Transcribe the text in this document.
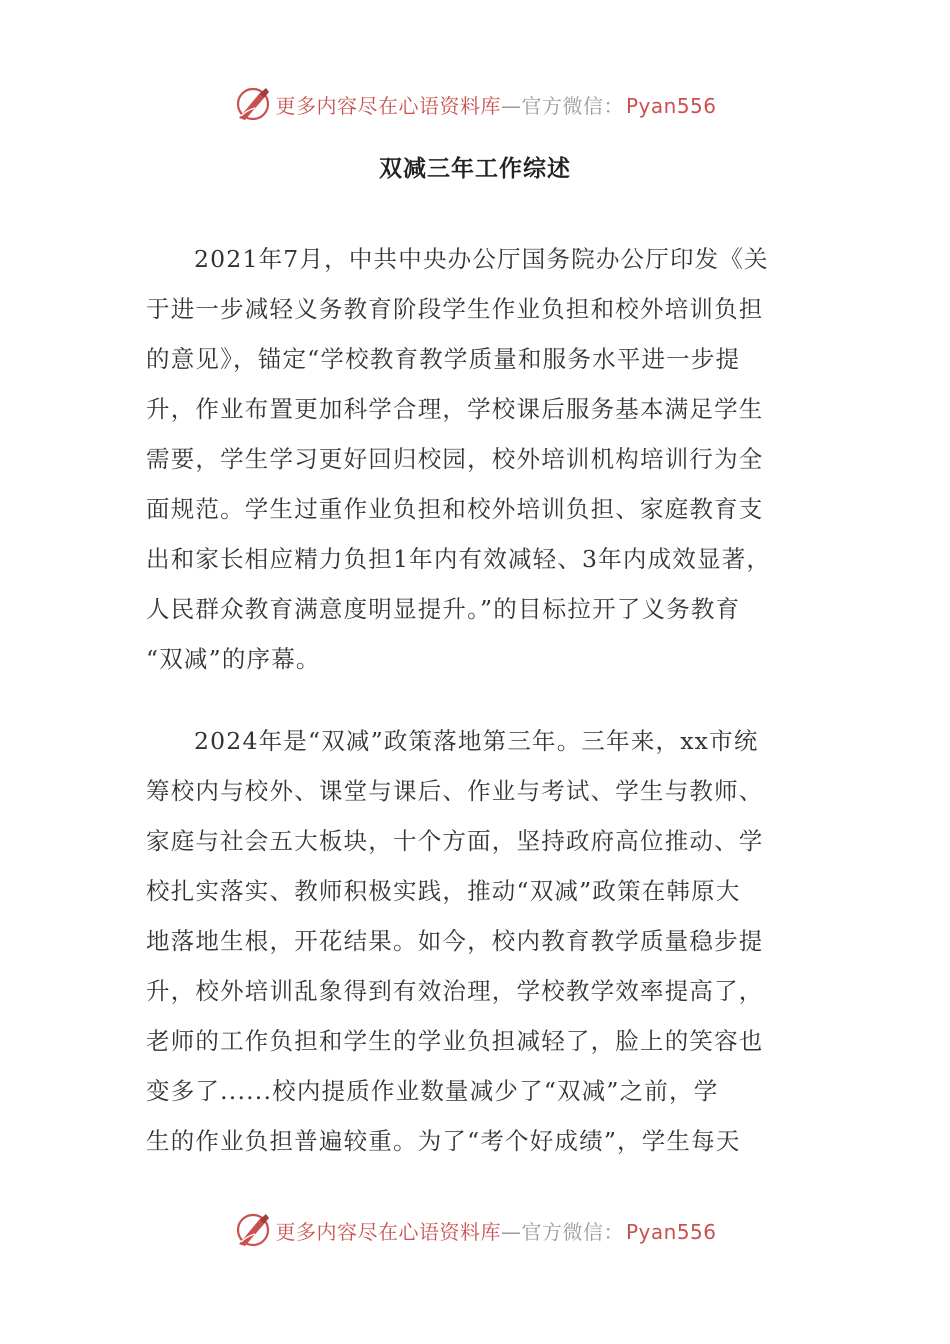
更多内容尽在心语资料库—官方微信： Pyan556
双减三年工作综述
2021年7月，中共中央办公厅国务院办公厅印发《关
于进一步减轻义务教育阶段学生作业负担和校外培训负担
的意见》，锚定“学校教育教学质量和服务水平进一步提
升，作业布置更加科学合理，学校课后服务基本满足学生
需要，学生学习更好回归校园，校外培训机构培训行为全
面规范。学生过重作业负担和校外培训负担、家庭教育支
出和家长相应精力负担1年内有效减轻、3年内成效显著，
人民群众教育满意度明显提升。”的目标拉开了义务教育
“双减”的序幕。
2024年是“双减”政策落地第三年。三年来，xx市统
筹校内与校外、课堂与课后、作业与考试、学生与教师、
家庭与社会五大板块，十个方面，坚持政府高位推动、学
校扎实落实、教师积极实践，推动“双减”政策在韩原大
地落地生根，开花结果。如今，校内教育教学质量稳步提
升，校外培训乱象得到有效治理，学校教学效率提高了，
老师的工作负担和学生的学业负担减轻了，脸上的笑容也
变多了......校内提质作业数量减少了“双减”之前，学
生的作业负担普遍较重。为了“考个好成绩”，学生每天
更多内容尽在心语资料库—官方微信： Pyan556
